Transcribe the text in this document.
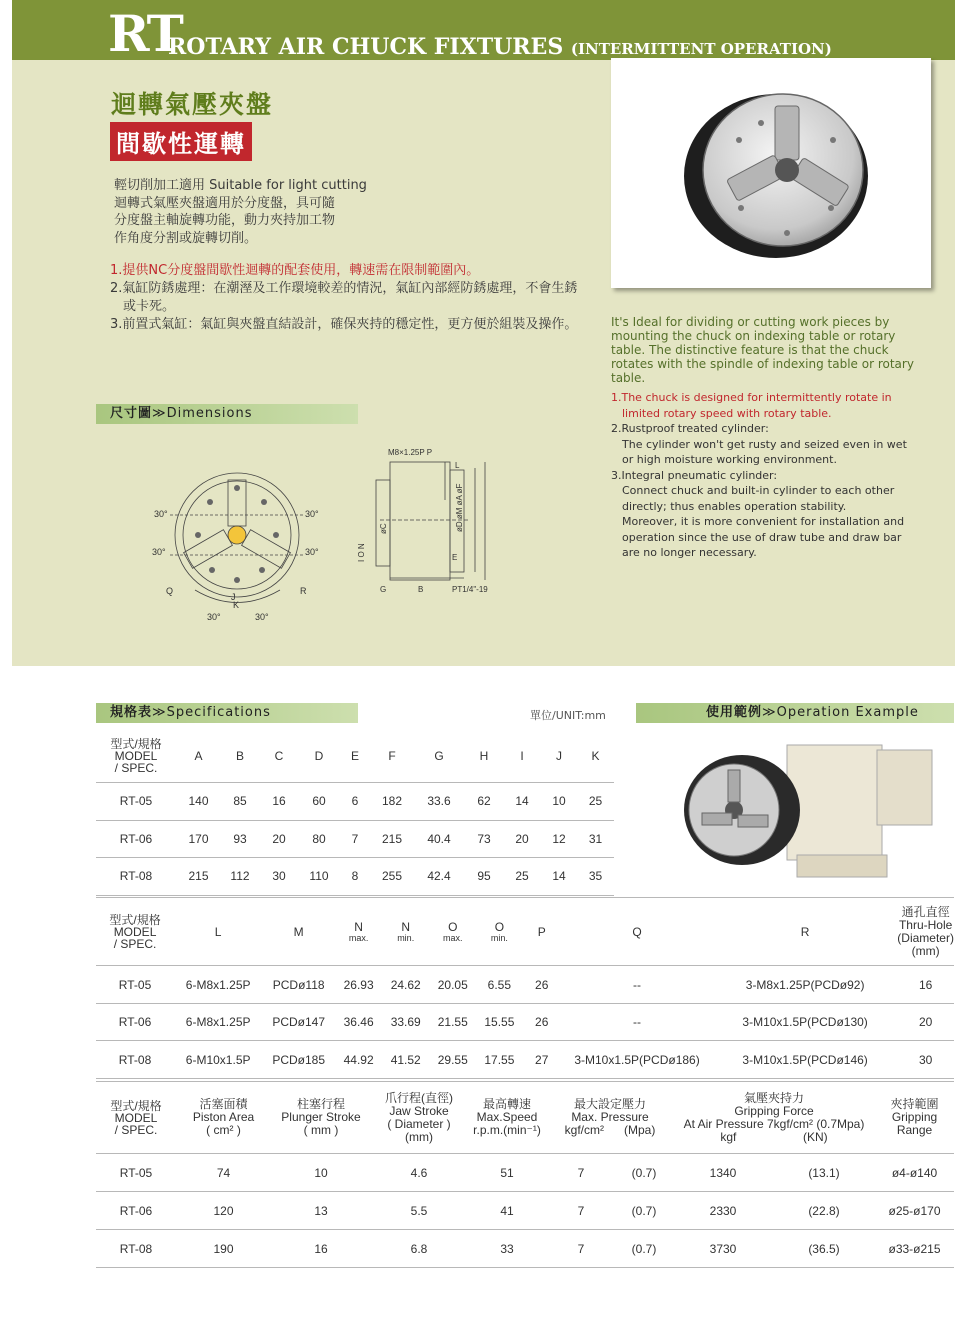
RT
ROTARY AIR CHUCK FIXTURES (INTERMITTENT OPERATION)
迴轉氣壓夾盤
間歇性運轉
輕切削加工適用 Suitable for light cutting
迴轉式氣壓夾盤適用於分度盤，具可隨
分度盤主軸旋轉功能，動力夾持加工物
作角度分割或旋轉切削。
1.提供NC分度盤間歇性迴轉的配套使用，轉速需在限制範圍內。
2.氣缸防銹處理：在潮溼及工作環境較差的情況，氣缸內部經防銹處理，不會生銹或卡死。
3.前置式氣缸：氣缸與夾盤直結設計，確保夾持的穩定性，更方便於組裝及操作。	It's Ideal for dividing or cutting work pieces by mounting the chuck on indexing table or rotary table. The distinctive feature is that the chuck rotates with the spindle of indexing table or rotary table.
1.The chuck is designed for intermittently rotate in
limited rotary speed with rotary table.
2.Rustproof treated cylinder:
The cylinder won't get rusty and seized even in wet
or high moisture working environment.
3.Integral pneumatic cylinder:
Connect chuck and built-in cylinder to each other
directly; thus enables operation stability.
Moreover, it is more convenient for installation and
operation since the use of draw tube and draw bar
are no longer necessary.
尺寸圖≫Dimensions
30°	30°
30°	30°
30°	30°
Q	R
J
K
M8×1.25P P
L
E
G	B	PT1/4"-19
I O N
øC	øD øM øA øF
規格表≫Specifications	單位/UNIT:mm	使用範例≫Operation Example
型式/規格
MODEL
/ SPEC.	A	B	C	D	E	F	G	H	I	J	K
RT-05	140	85	16	60	6	182	33.6	62	14	10	25
RT-06	170	93	20	80	7	215	40.4	73	20	12	31
RT-08	215	112	30	110	8	255	42.4	95	25	14	35
型式/規格
MODEL
/ SPEC.	L	M	N
max.	N
min.	O
max.	O
min.	P	Q	R	通孔直徑
Thru-Hole
(Diameter)
(mm)

RT-05	6-M8x1.25P	PCDø118	26.93	24.62	20.05	6.55	26	--	3-M8x1.25P(PCDø92)	16
RT-06	6-M8x1.25P	PCDø147	36.46	33.69	21.55	15.55	26	--	3-M10x1.5P(PCDø130)	20
RT-08	6-M10x1.5P	PCDø185	44.92	41.52	29.55	17.55	27	3-M10x1.5P(PCDø186)	3-M10x1.5P(PCDø146)	30
型式/規格
MODEL
/ SPEC.	活塞面積
Piston Area
( cm² )	柱塞行程
Plunger Stroke
( mm )	爪行程(直徑)
Jaw Stroke
( Diameter )
(mm)	最高轉速
Max.Speed
r.p.m.(min⁻¹)	最大設定壓力
Max. Pressure
kgf/cm²      (Mpa)		氣壓夾持力
Gripping Force
At Air Pressure 7kgf/cm² (0.7Mpa)
kgf                    (KN)		夾持範圍
Gripping
Range

RT-05	74	10	4.6	51	7	(0.7)	1340	(13.1)	ø4-ø140
RT-06	120	13	5.5	41	7	(0.7)	2330	(22.8)	ø25-ø170
RT-08	190	16	6.8	33	7	(0.7)	3730	(36.5)	ø33-ø215
